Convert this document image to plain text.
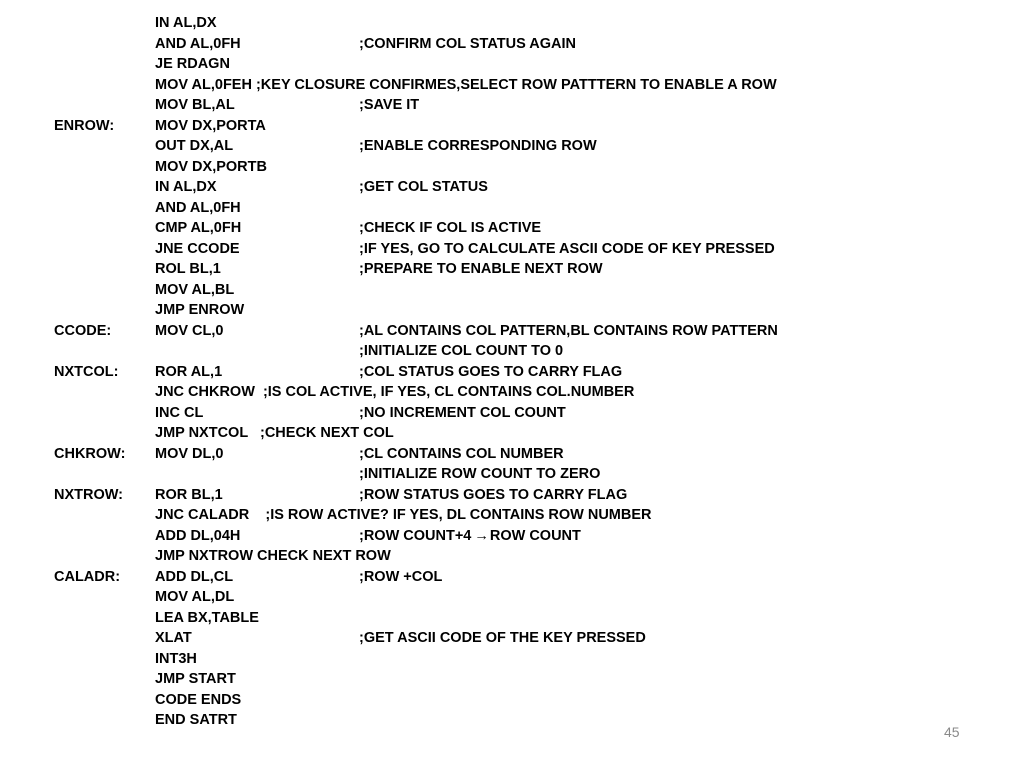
IN AL,DX
AND AL,0FH	;CONFIRM COL STATUS AGAIN
JE RDAGN
MOV AL,0FEH ;KEY CLOSURE CONFIRMES,SELECT ROW PATTTERN TO ENABLE A ROW
MOV BL,AL	;SAVE IT
ENROW:	MOV DX,PORTA
OUT DX,AL	;ENABLE CORRESPONDING ROW
MOV DX,PORTB
IN AL,DX	;GET COL STATUS
AND AL,0FH
CMP AL,0FH	;CHECK IF COL IS ACTIVE
JNE CCODE	;IF YES, GO TO CALCULATE ASCII CODE OF KEY PRESSED
ROL BL,1	;PREPARE TO ENABLE NEXT ROW
MOV AL,BL
JMP ENROW
CCODE:	MOV CL,0	;AL CONTAINS COL PATTERN,BL CONTAINS ROW PATTERN
;INITIALIZE COL COUNT TO 0
NXTCOL:	ROR AL,1	;COL STATUS GOES TO CARRY FLAG
JNC CHKROW  ;IS COL ACTIVE, IF YES, CL CONTAINS COL.NUMBER
INC CL	;NO INCREMENT COL COUNT
JMP NXTCOL   ;CHECK NEXT COL
CHKROW: MOV DL,0	;CL CONTAINS COL NUMBER
;INITIALIZE ROW COUNT TO ZERO
NXTROW: ROR BL,1	;ROW STATUS GOES TO CARRY FLAG
JNC CALADR    ;IS ROW ACTIVE? IF YES, DL CONTAINS ROW NUMBER
ADD DL,04H	;ROW COUNT+4 →ROW COUNT
JMP NXTROW CHECK NEXT ROW
CALADR: ADD DL,CL	;ROW +COL
MOV AL,DL
LEA BX,TABLE
XLAT	;GET ASCII CODE OF THE KEY PRESSED
INT3H
JMP START
CODE ENDS
END SATRT
45
